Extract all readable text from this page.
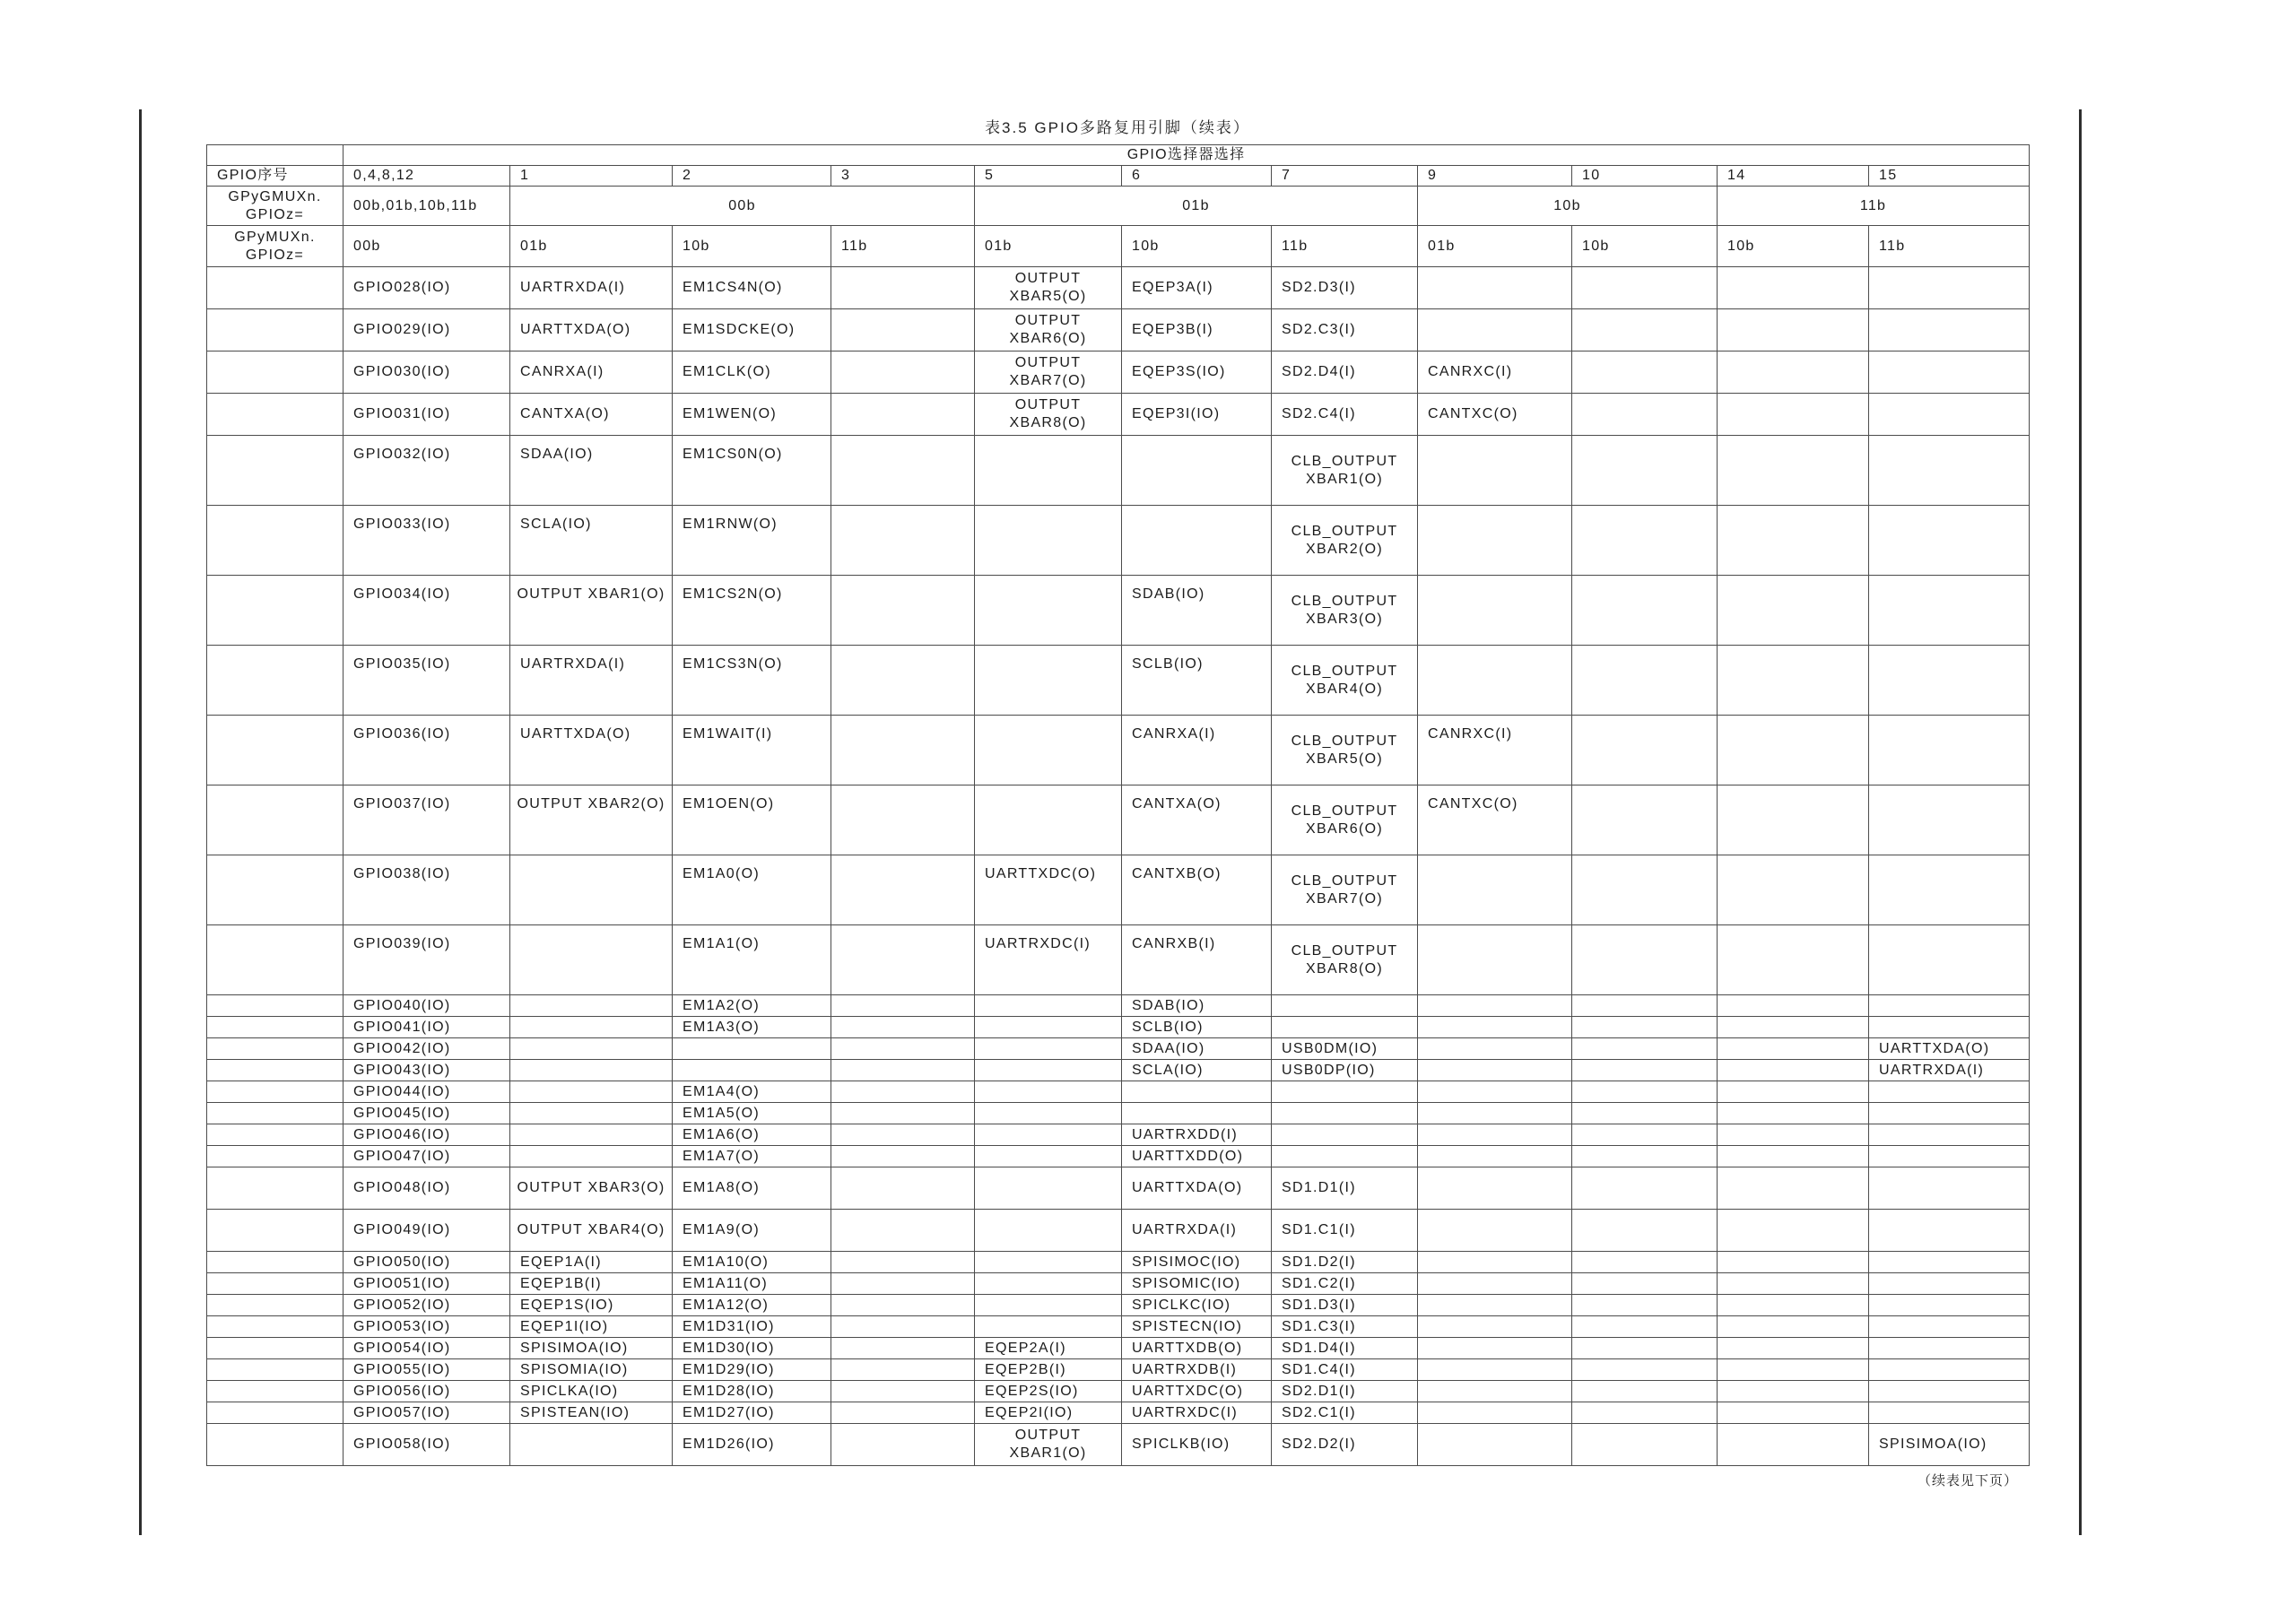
表3.5 GPIO多路复用引脚（续表）
	GPIO选择器选择										
GPIO序号	0,4,8,12	1	2	3	5	6	7	9	10	14	15

GPyGMUXn.
GPIOz=	00b,01b,10b,11b	00b			01b			10b		11b	

GPyMUXn.
GPIOz=	00b	01b	10b	11b	01b	10b	11b	01b	10b	10b	11b
	GPIO028(IO)	UARTRXDA(I)	EM1CS4N(O)		OUTPUT XBAR5(O)	EQEP3A(I)	SD2.D3(I)				
	GPIO029(IO)	UARTTXDA(O)	EM1SDCKE(O)		OUTPUT XBAR6(O)	EQEP3B(I)	SD2.C3(I)				
	GPIO030(IO)	CANRXA(I)	EM1CLK(O)		OUTPUT XBAR7(O)	EQEP3S(IO)	SD2.D4(I)	CANRXC(I)			
	GPIO031(IO)	CANTXA(O)	EM1WEN(O)		OUTPUT XBAR8(O)	EQEP3I(IO)	SD2.C4(I)	CANTXC(O)			
	GPIO032(IO)	SDAA(IO)	EM1CS0N(O)				CLB_OUTPUT XBAR1(O)				
	GPIO033(IO)	SCLA(IO)	EM1RNW(O)				CLB_OUTPUT XBAR2(O)				
	GPIO034(IO)	OUTPUT XBAR1(O)	EM1CS2N(O)			SDAB(IO)	CLB_OUTPUT XBAR3(O)				
	GPIO035(IO)	UARTRXDA(I)	EM1CS3N(O)			SCLB(IO)	CLB_OUTPUT XBAR4(O)				
	GPIO036(IO)	UARTTXDA(O)	EM1WAIT(I)			CANRXA(I)	CLB_OUTPUT XBAR5(O)	CANRXC(I)			
	GPIO037(IO)	OUTPUT XBAR2(O)	EM1OEN(O)			CANTXA(O)	CLB_OUTPUT XBAR6(O)	CANTXC(O)			
	GPIO038(IO)		EM1A0(O)		UARTTXDC(O)	CANTXB(O)	CLB_OUTPUT XBAR7(O)				
	GPIO039(IO)		EM1A1(O)		UARTRXDC(I)	CANRXB(I)	CLB_OUTPUT XBAR8(O)				
	GPIO040(IO)		EM1A2(O)			SDAB(IO)					
	GPIO041(IO)		EM1A3(O)			SCLB(IO)					
	GPIO042(IO)					SDAA(IO)	USB0DM(IO)				UARTTXDA(O)
	GPIO043(IO)					SCLA(IO)	USB0DP(IO)				UARTRXDA(I)
	GPIO044(IO)		EM1A4(O)								
	GPIO045(IO)		EM1A5(O)								
	GPIO046(IO)		EM1A6(O)			UARTRXDD(I)					
	GPIO047(IO)		EM1A7(O)			UARTTXDD(O)					
	GPIO048(IO)	OUTPUT XBAR3(O)	EM1A8(O)			UARTTXDA(O)	SD1.D1(I)				
	GPIO049(IO)	OUTPUT XBAR4(O)	EM1A9(O)			UARTRXDA(I)	SD1.C1(I)				
	GPIO050(IO)	EQEP1A(I)	EM1A10(O)			SPISIMOC(IO)	SD1.D2(I)				
	GPIO051(IO)	EQEP1B(I)	EM1A11(O)			SPISOMIC(IO)	SD1.C2(I)				
	GPIO052(IO)	EQEP1S(IO)	EM1A12(O)			SPICLKC(IO)	SD1.D3(I)				
	GPIO053(IO)	EQEP1I(IO)	EM1D31(IO)			SPISTECN(IO)	SD1.C3(I)				
	GPIO054(IO)	SPISIMOA(IO)	EM1D30(IO)		EQEP2A(I)	UARTTXDB(O)	SD1.D4(I)				
	GPIO055(IO)	SPISOMIA(IO)	EM1D29(IO)		EQEP2B(I)	UARTRXDB(I)	SD1.C4(I)				
	GPIO056(IO)	SPICLKA(IO)	EM1D28(IO)		EQEP2S(IO)	UARTTXDC(O)	SD2.D1(I)				
	GPIO057(IO)	SPISTEAN(IO)	EM1D27(IO)		EQEP2I(IO)	UARTRXDC(I)	SD2.C1(I)				
	GPIO058(IO)		EM1D26(IO)		OUTPUT XBAR1(O)	SPICLKB(IO)	SD2.D2(I)				SPISIMOA(IO)
（续表见下页）
